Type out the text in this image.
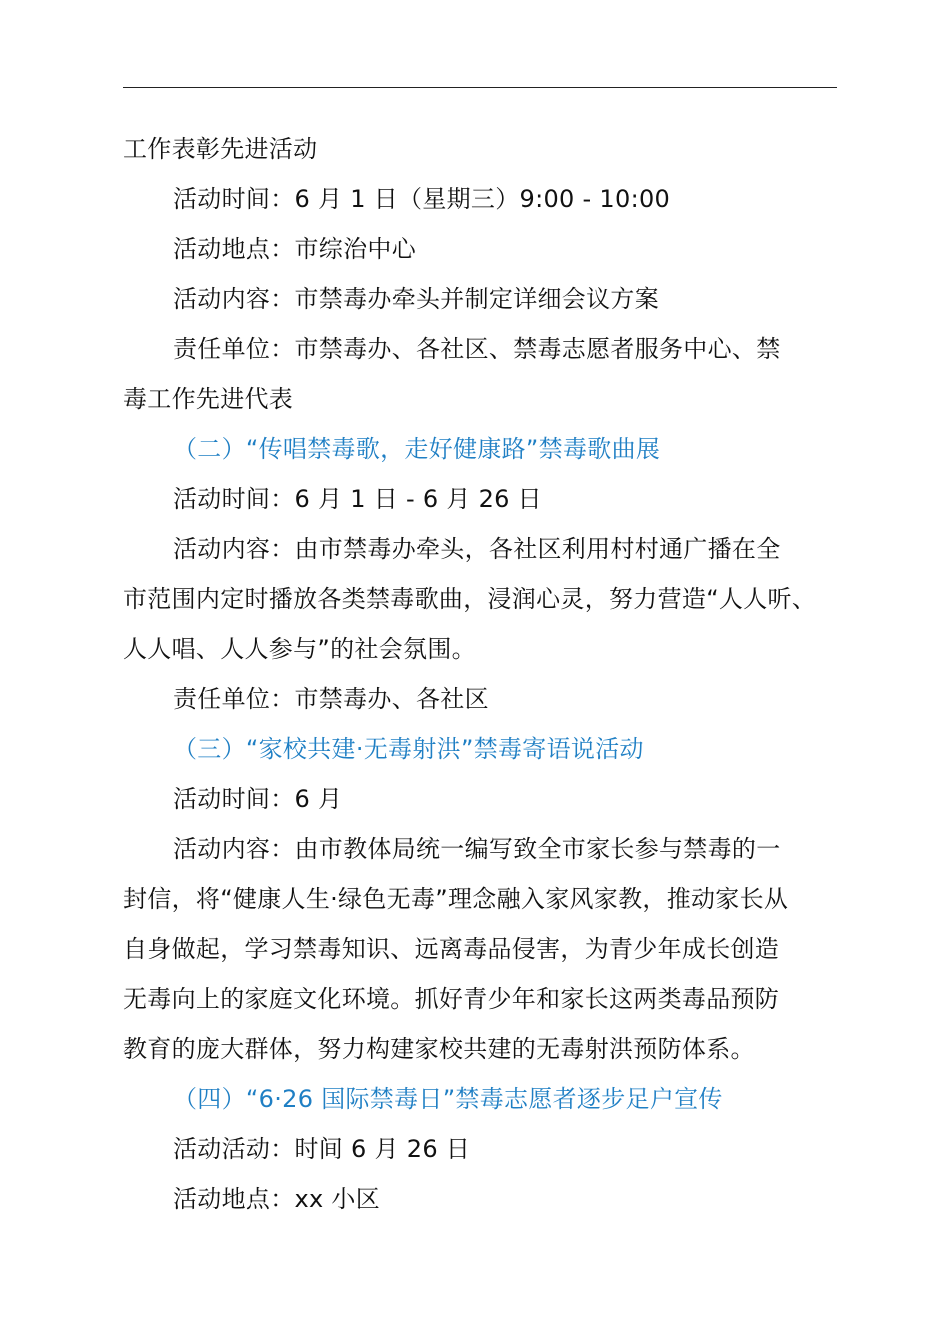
工作表彰先进活动
活动时间：6 月 1 日（星期三）9:00 - 10:00
活动地点：市综治中心
活动内容：市禁毒办牵头并制定详细会议方案
责任单位：市禁毒办、各社区、禁毒志愿者服务中心、禁
毒工作先进代表
（二）“传唱禁毒歌，走好健康路”禁毒歌曲展
活动时间：6 月 1 日 - 6 月 26 日
活动内容：由市禁毒办牵头，各社区利用村村通广播在全
市范围内定时播放各类禁毒歌曲，浸润心灵，努力营造“人人听、
人人唱、人人参与”的社会氛围。
责任单位：市禁毒办、各社区
（三）“家校共建·无毒射洪”禁毒寄语说活动
活动时间：6 月
活动内容：由市教体局统一编写致全市家长参与禁毒的一
封信，将“健康人生·绿色无毒”理念融入家风家教，推动家长从
自身做起，学习禁毒知识、远离毒品侵害，为青少年成长创造
无毒向上的家庭文化环境。抓好青少年和家长这两类毒品预防
教育的庞大群体，努力构建家校共建的无毒射洪预防体系。
（四）“6·26 国际禁毒日”禁毒志愿者逐步足户宣传
活动活动：时间 6 月 26 日
活动地点：xx 小区
